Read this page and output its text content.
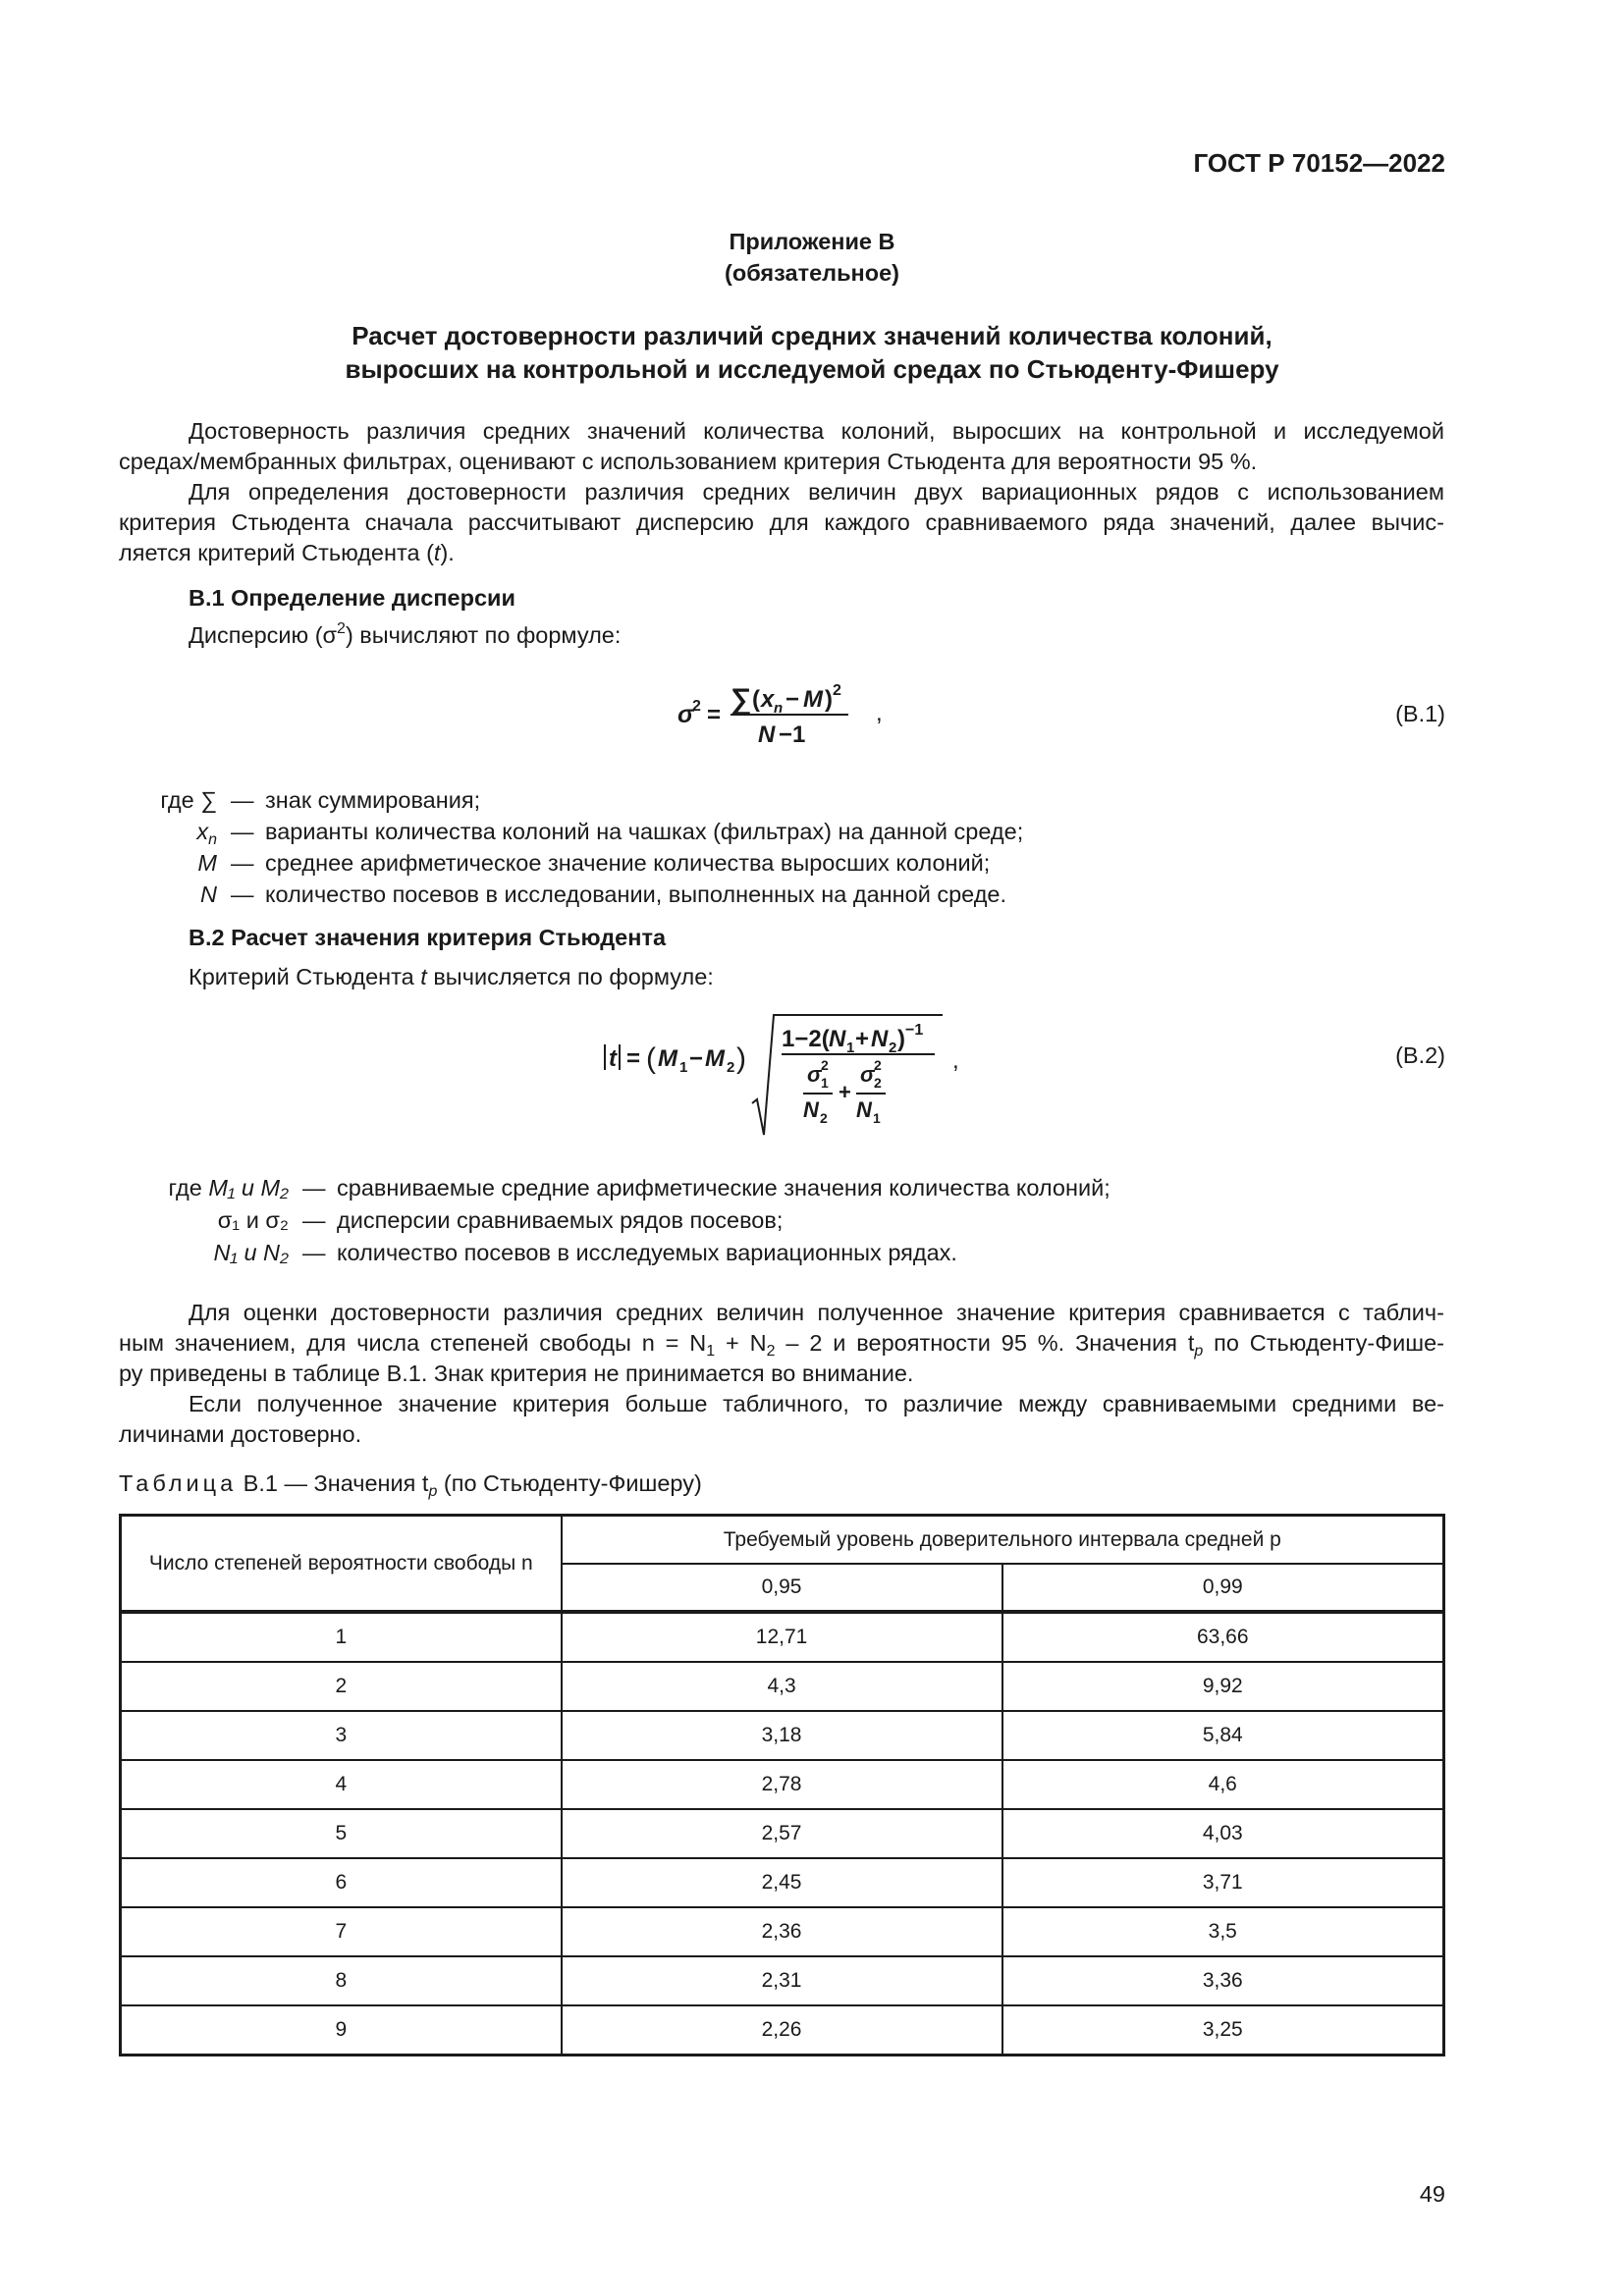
ГОСТ Р 70152—2022
Приложение В
(обязательное)
Расчет достоверности различий средних значений количества колоний,
выросших на контрольной и исследуемой средах по Стьюденту-Фишеру
Достоверность различия средних значений количества колоний, выросших на контрольной и исследуемой
средах/мембранных фильтрах, оценивают с использованием критерия Стьюдента для вероятности 95 %.
Для определения достоверности различия средних величин двух вариационных рядов с использованием
критерия Стьюдента сначала рассчитывают дисперсию для каждого сравниваемого ряда значений, далее вычис-
ляется критерий Стьюдента (t).
В.1 Определение дисперсии
Дисперсию $(\sigma^2)$ вычисляют по формуле:
σ
2 = ∑ ( x n − M ) 2
N −1
,	(В.1)
где ∑ — знак суммирования;
$x_n$ — варианты количества колоний на чашках (фильтрах) на данной среде;
M — среднее арифметическое значение количества выросших колоний;
N — количество посевов в исследовании, выполненных на данной среде.
В.2 Расчет значения критерия Стьюдента
Критерий Стьюдента t вычисляется по формуле:
t = ( M 1 − M 2 )
1−2( N 1 + N 2 ) −1
σ 2
1
N 2
+
σ 2
2
N 1
,	(В.2)
где M₁ и M₂ — сравниваемые средние арифметические значения количества колоний;
σ₁ и σ₂ — дисперсии сравниваемых рядов посевов;
N₁ и N₂ — количество посевов в исследуемых вариационных рядах.
Для оценки достоверности различия средних величин полученное значение критерия сравнивается с таблич-
ным значением, для числа степеней свободы $n = N_1 + N_2 - 2$ и вероятности 95 %. Значения $t_p$ по Стьюденту-Фише-
ру приведены в таблице В.1. Знак критерия не принимается во внимание.
Если полученное значение критерия больше табличного, то различие между сравниваемыми средними ве-
личинами достоверно.
Таблица В.1 — Значения $t_p$ (по Стьюденту-Фишеру)
Число степеней вероятности свободы n	Требуемый уровень доверительного интервала средней p	
	0,95	0,99
1	12,71	63,66
2	4,3	9,92
3	3,18	5,84
4	2,78	4,6
5	2,57	4,03
6	2,45	3,71
7	2,36	3,5
8	2,31	3,36
9	2,26	3,25
49
